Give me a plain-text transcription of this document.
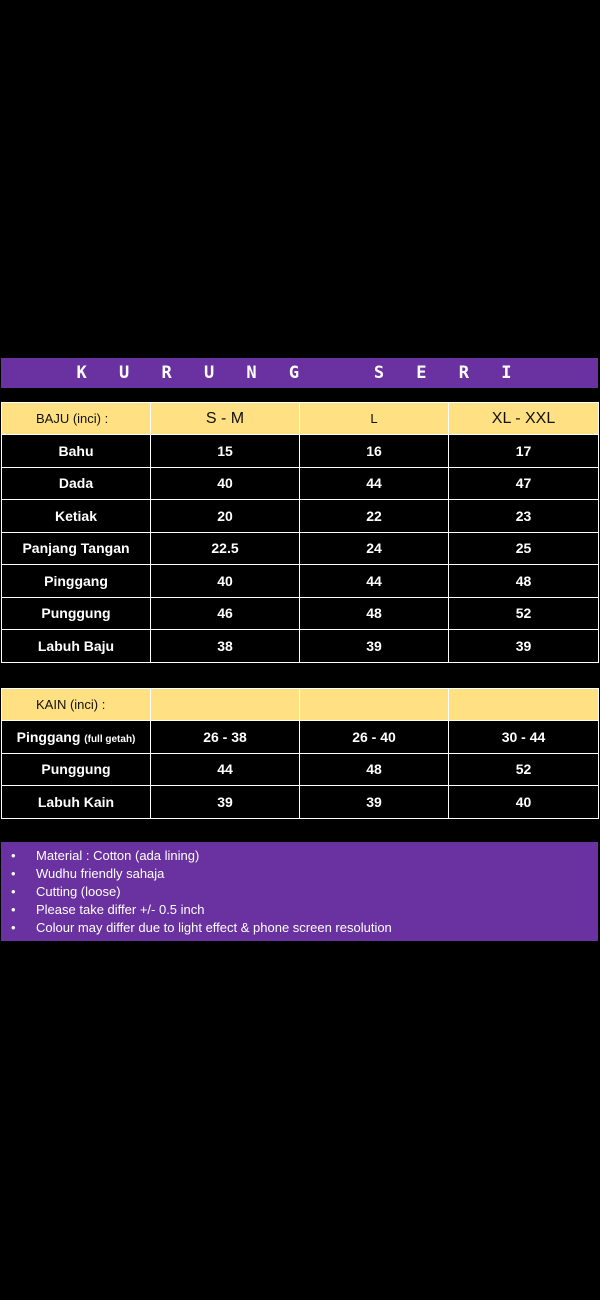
K U R U N G   S E R I
BAJU (inci) :	S - M	L	XL - XXL
Bahu	15	16	17
Dada	40	44	47
Ketiak	20	22	23
Panjang Tangan	22.5	24	25
Pinggang	40	44	48
Punggung	46	48	52
Labuh Baju	38	39	39
KAIN (inci) :			
Pinggang (full getah)	26 - 38	26 - 40	30 - 44
Punggung	44	48	52
Labuh Kain	39	39	40
• Material : Cotton (ada lining)
• Wudhu friendly sahaja
• Cutting (loose)
• Please take differ +/- 0.5 inch
• Colour may differ due to light effect & phone screen resolution
